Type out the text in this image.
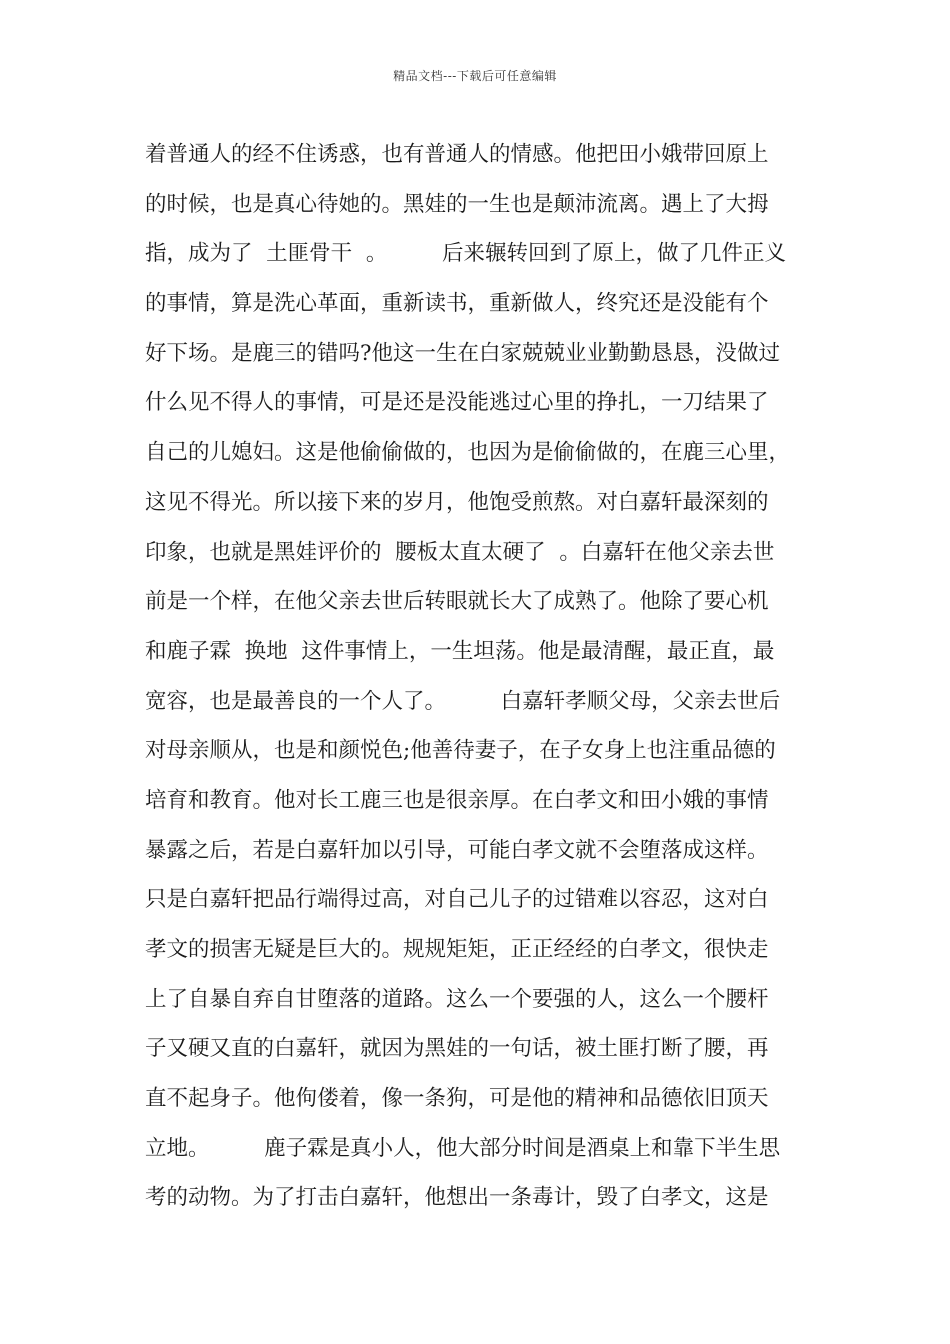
精品文档---下载后可任意编辑
着普通人的经不住诱惑，也有普通人的情感。他把田小娥带回原上
的时候，也是真心待她的。黑娃的一生也是颠沛流离。遇上了大拇
指，成为了  土匪骨干  。        后来辗转回到了原上，做了几件正义
的事情，算是洗心革面，重新读书，重新做人，终究还是没能有个
好下场。是鹿三的错吗?他这一生在白家兢兢业业勤勤恳恳，没做过
什么见不得人的事情，可是还是没能逃过心里的挣扎，一刀结果了
自己的儿媳妇。这是他偷偷做的，也因为是偷偷做的，在鹿三心里，
这见不得光。所以接下来的岁月，他饱受煎熬。对白嘉轩最深刻的
印象，也就是黑娃评价的  腰板太直太硬了  。白嘉轩在他父亲去世
前是一个样，在他父亲去世后转眼就长大了成熟了。他除了要心机
和鹿子霖  换地  这件事情上，一生坦荡。他是最清醒，最正直，最
宽容，也是最善良的一个人了。        白嘉轩孝顺父母，父亲去世后
对母亲顺从，也是和颜悦色;他善待妻子，在子女身上也注重品德的
培育和教育。他对长工鹿三也是很亲厚。在白孝文和田小娥的事情
暴露之后，若是白嘉轩加以引导，可能白孝文就不会堕落成这样。
只是白嘉轩把品行端得过高，对自己儿子的过错难以容忍，这对白
孝文的损害无疑是巨大的。规规矩矩，正正经经的白孝文，很快走
上了自暴自弃自甘堕落的道路。这么一个要强的人，这么一个腰杆
子又硬又直的白嘉轩，就因为黑娃的一句话，被土匪打断了腰，再
直不起身子。他佝偻着，像一条狗，可是他的精神和品德依旧顶天
立地。        鹿子霖是真小人，他大部分时间是酒桌上和靠下半生思
考的动物。为了打击白嘉轩，他想出一条毒计，毁了白孝文，这是
